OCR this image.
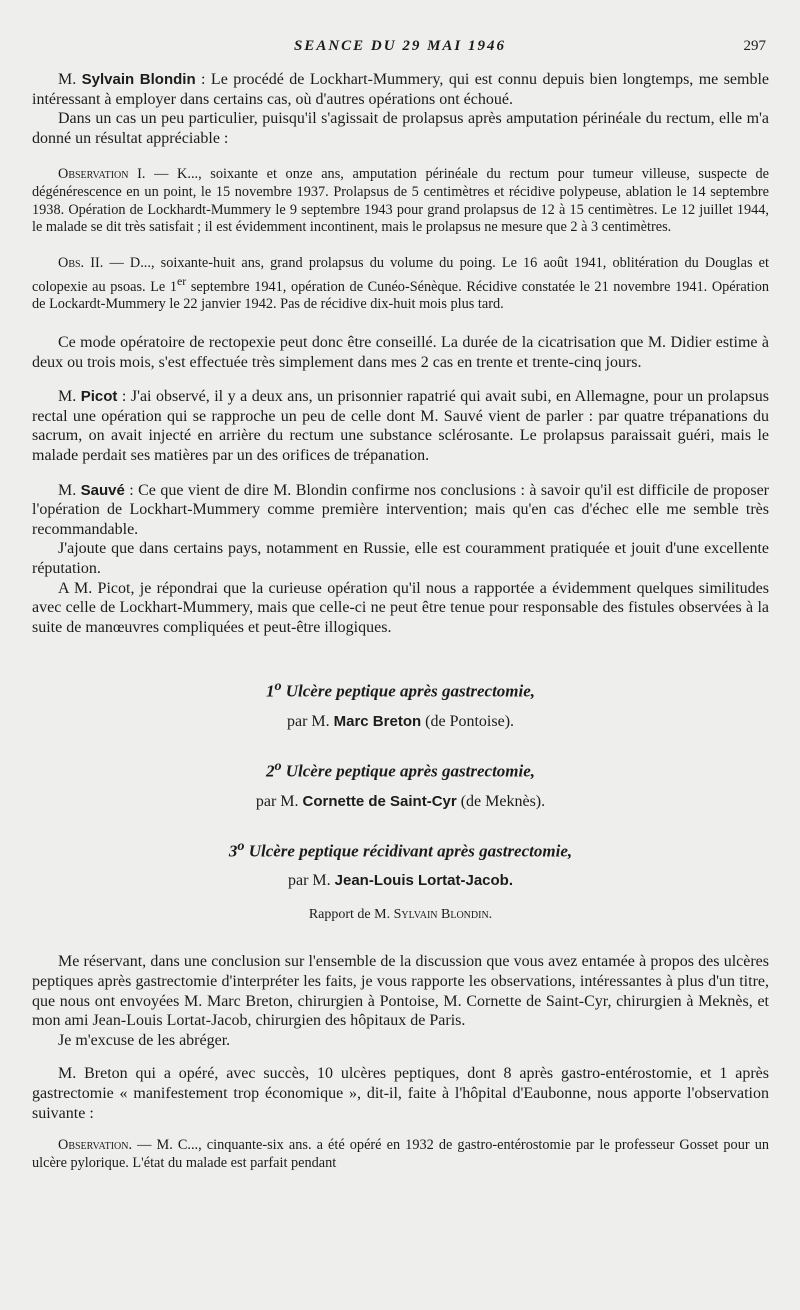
SEANCE DU 29 MAI 1946	297

M. Sylvain Blondin : Le procédé de Lockhart-Mummery, qui est connu depuis bien longtemps, me semble intéressant à employer dans certains cas, où d'autres opérations ont échoué.

Dans un cas un peu particulier, puisqu'il s'agissait de prolapsus après amputation périnéale du rectum, elle m'a donné un résultat appréciable :

Observation I. — K..., soixante et onze ans, amputation périnéale du rectum pour tumeur villeuse, suspecte de dégénérescence en un point, le 15 novembre 1937. Prolapsus de 5 centimètres et récidive polypeuse, ablation le 14 septembre 1938. Opération de Lockhardt-Mummery le 9 septembre 1943 pour grand prolapsus de 12 à 15 centimètres. Le 12 juillet 1944, le malade se dit très satisfait ; il est évidemment incontinent, mais le prolapsus ne mesure que 2 à 3 centimètres.

Obs. II. — D..., soixante-huit ans, grand prolapsus du volume du poing. Le 16 août 1941, oblitération du Douglas et colopexie au psoas. Le 1er septembre 1941, opération de Cunéo-Sénèque. Récidive constatée le 21 novembre 1941. Opération de Lockardt-Mummery le 22 janvier 1942. Pas de récidive dix-huit mois plus tard.

Ce mode opératoire de rectopexie peut donc être conseillé. La durée de la cicatrisation que M. Didier estime à deux ou trois mois, s'est effectuée très simplement dans mes 2 cas en trente et trente-cinq jours.

M. Picot : J'ai observé, il y a deux ans, un prisonnier rapatrié qui avait subi, en Allemagne, pour un prolapsus rectal une opération qui se rapproche un peu de celle dont M. Sauvé vient de parler : par quatre trépanations du sacrum, on avait injecté en arrière du rectum une substance sclérosante. Le prolapsus paraissait guéri, mais le malade perdait ses matières par un des orifices de trépanation.

M. Sauvé : Ce que vient de dire M. Blondin confirme nos conclusions : à savoir qu'il est difficile de proposer l'opération de Lockhart-Mummery comme première intervention; mais qu'en cas d'échec elle me semble très recommandable.

J'ajoute que dans certains pays, notamment en Russie, elle est couramment pratiquée et jouit d'une excellente réputation.

A M. Picot, je répondrai que la curieuse opération qu'il nous a rapportée a évidemment quelques similitudes avec celle de Lockhart-Mummery, mais que celle-ci ne peut être tenue pour responsable des fistules observées à la suite de manœuvres compliquées et peut-être illogiques.

1$^o$ Ulcère peptique après gastrectomie,
par M. Marc Breton (de Pontoise).
2$^o$ Ulcère peptique après gastrectomie,
par M. Cornette de Saint-Cyr (de Meknès).
3$^o$ Ulcère peptique récidivant après gastrectomie,
par M. Jean-Louis Lortat-Jacob.
Rapport de M. Sylvain Blondin.

Me réservant, dans une conclusion sur l'ensemble de la discussion que vous avez entamée à propos des ulcères peptiques après gastrectomie d'interpréter les faits, je vous rapporte les observations, intéressantes à plus d'un titre, que nous ont envoyées M. Marc Breton, chirurgien à Pontoise, M. Cornette de Saint-Cyr, chirurgien à Meknès, et mon ami Jean-Louis Lortat-Jacob, chirurgien des hôpitaux de Paris.

Je m'excuse de les abréger.

M. Breton qui a opéré, avec succès, 10 ulcères peptiques, dont 8 après gastro-entérostomie, et 1 après gastrectomie « manifestement trop économique », dit-il, faite à l'hôpital d'Eaubonne, nous apporte l'observation suivante :

Observation. — M. C..., cinquante-six ans. a été opéré en 1932 de gastro-entérostomie par le professeur Gosset pour un ulcère pylorique. L'état du malade est parfait pendant
